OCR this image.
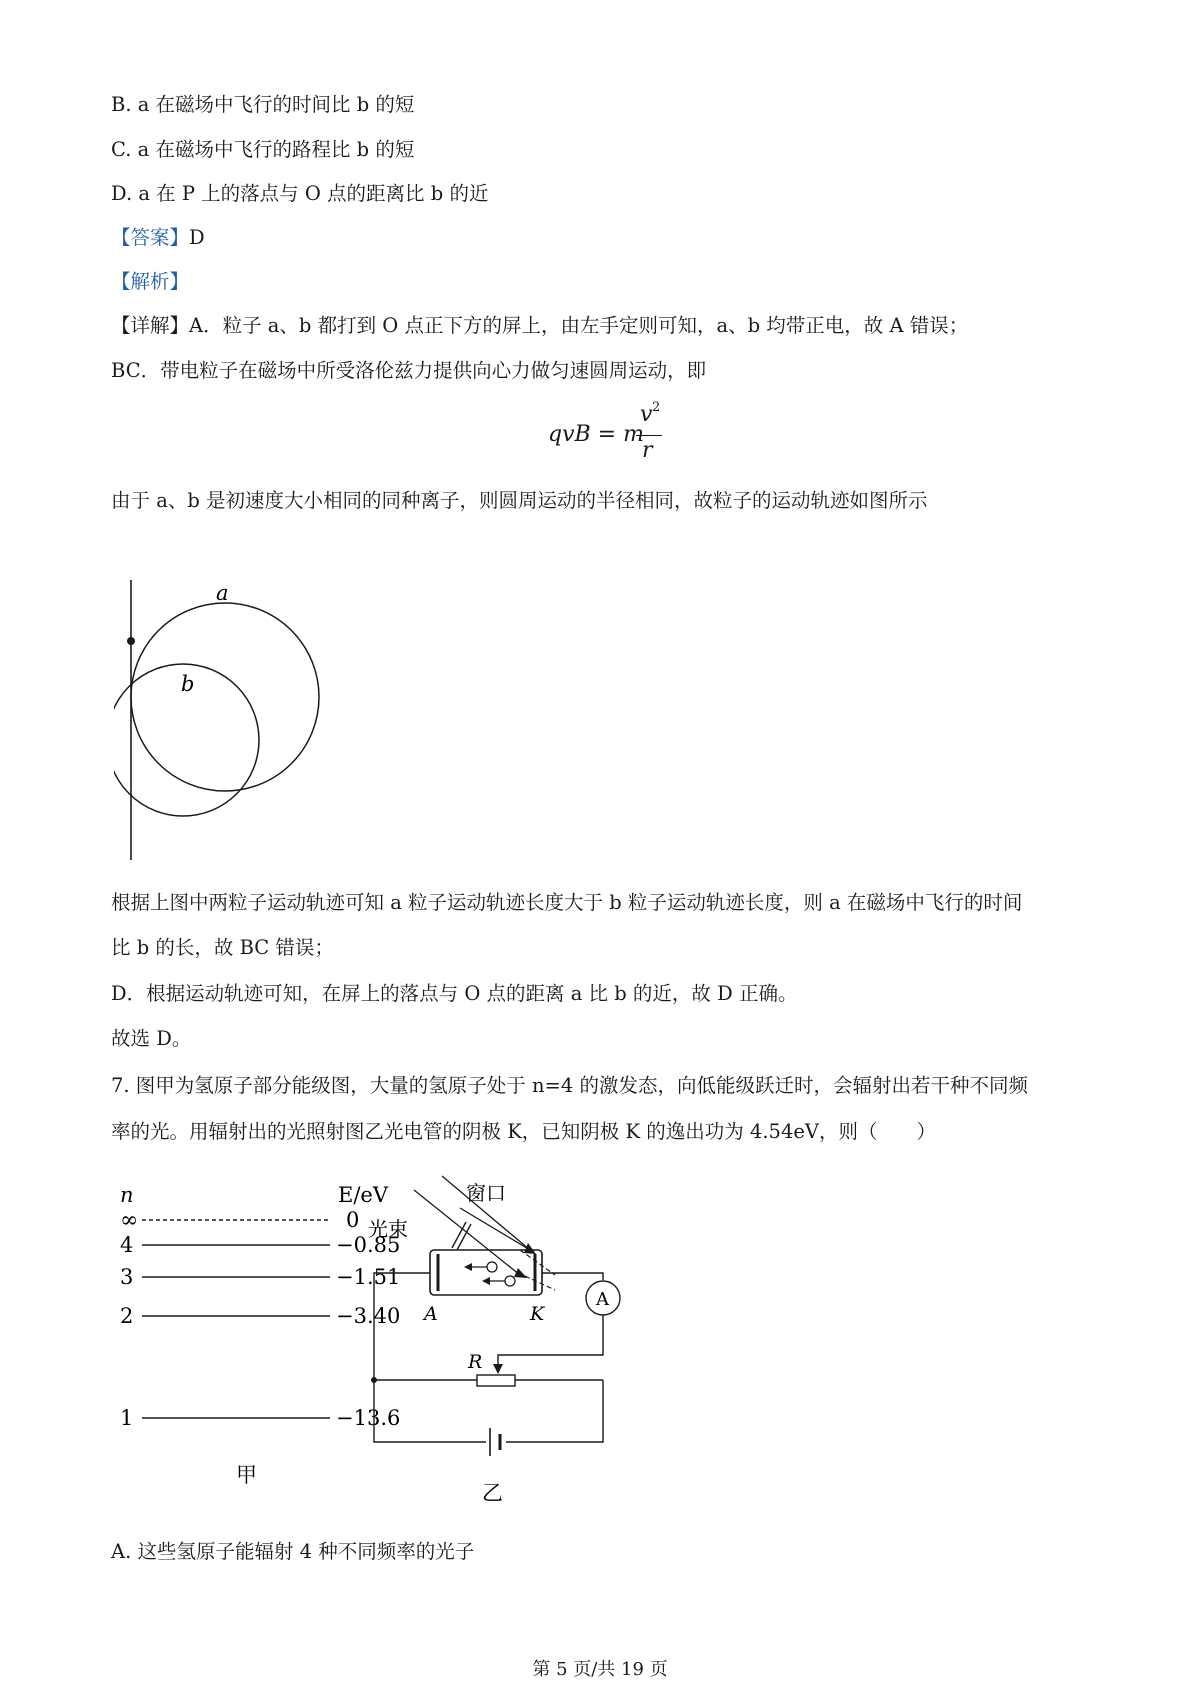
B. a 在磁场中飞行的时间比 b 的短
C. a 在磁场中飞行的路程比 b 的短
D. a 在 P 上的落点与 O 点的距离比 b 的近
【答案】D
【解析】
【详解】A．粒子 a、b 都打到 O 点正下方的屏上，由左手定则可知，a、b 均带正电，故 A 错误；
BC．带电粒子在磁场中所受洛伦兹力提供向心力做匀速圆周运动，即
qvB = m
v 2
r
由于 a、b 是初速度大小相同的同种离子，则圆周运动的半径相同，故粒子的运动轨迹如图所示
a
b
根据上图中两粒子运动轨迹可知 a 粒子运动轨迹长度大于 b 粒子运动轨迹长度，则 a 在磁场中飞行的时间
比 b 的长，故 BC 错误；
D．根据运动轨迹可知，在屏上的落点与 O 点的距离 a 比 b 的近，故 D 正确。
故选 D。
7. 图甲为氢原子部分能级图，大量的氢原子处于 n=4 的激发态，向低能级跃迁时，会辐射出若干种不同频
率的光。用辐射出的光照射图乙光电管的阴极 K，已知阴极 K 的逸出功为 4.54eV，则（　　）
n	E/eV
∞	0
4	−0.85
3	−1.51
2	−3.40
1	−13.6
甲
窗口
光束
A	K
A
R
乙
A. 这些氢原子能辐射 4 种不同频率的光子
第 5 页/共 19 页
